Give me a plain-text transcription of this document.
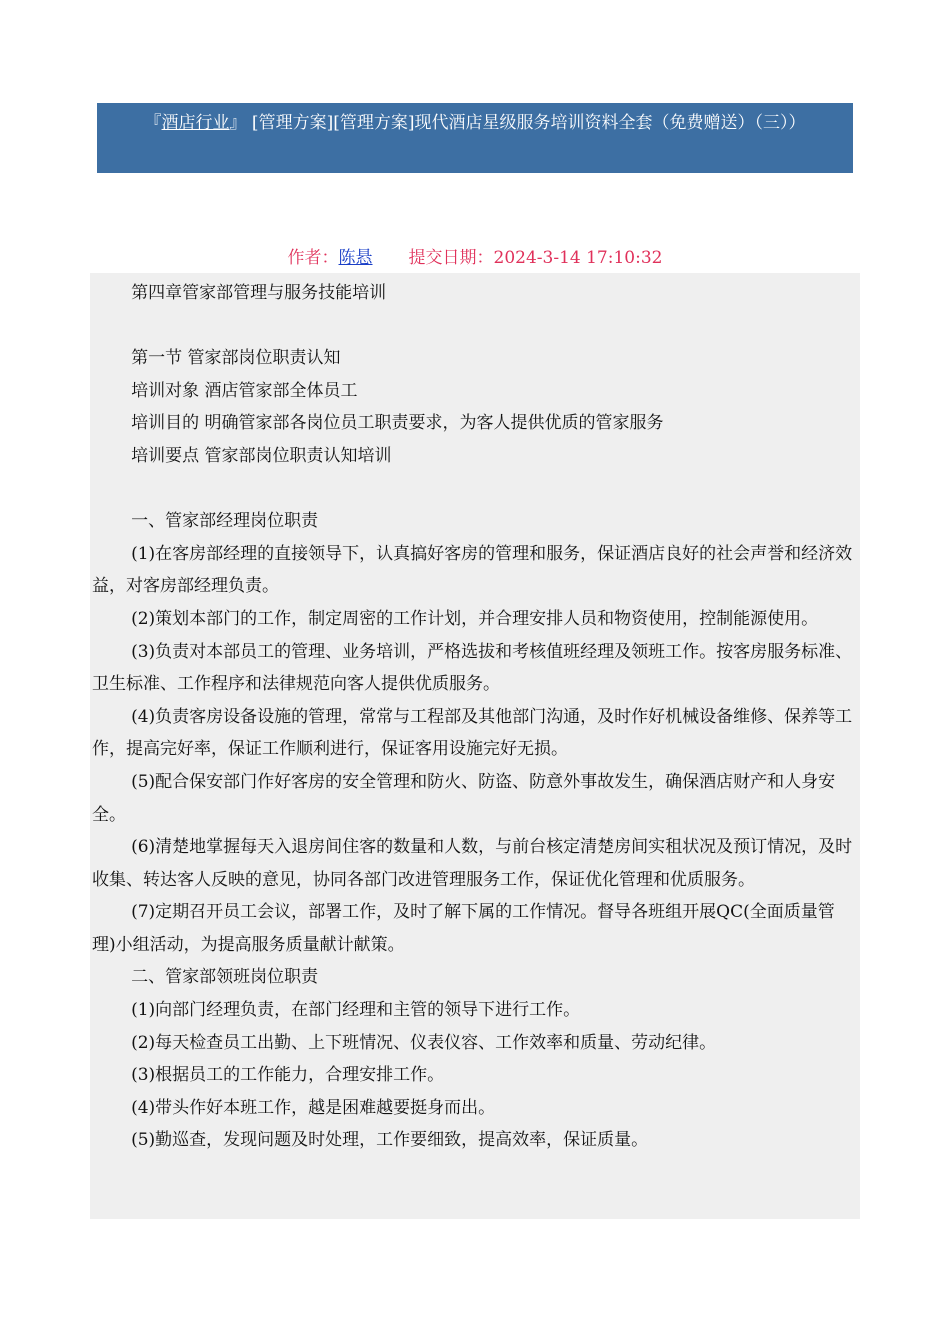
『酒店行业』 [管理方案][管理方案]现代酒店星级服务培训资料全套（免费赠送）（三））
作者：陈悬 提交日期：2024-3-14 17:10:32

第四章管家部管理与服务技能培训

第一节 管家部岗位职责认知

培训对象 酒店管家部全体员工

培训目的 明确管家部各岗位员工职责要求，为客人提供优质的管家服务

培训要点 管家部岗位职责认知培训

一、管家部经理岗位职责

(1)在客房部经理的直接领导下，认真搞好客房的管理和服务，保证酒店良好的社会声誉和经济效益，对客房部经理负责。

(2)策划本部门的工作，制定周密的工作计划，并合理安排人员和物资使用，控制能源使用。

(3)负责对本部员工的管理、业务培训，严格选拔和考核值班经理及领班工作。按客房服务标准、卫生标准、工作程序和法律规范向客人提供优质服务。

(4)负责客房设备设施的管理，常常与工程部及其他部门沟通，及时作好机械设备维修、保养等工作，提高完好率，保证工作顺利进行，保证客用设施完好无损。

(5)配合保安部门作好客房的安全管理和防火、防盗、防意外事故发生，确保酒店财产和人身安全。

(6)清楚地掌握每天入退房间住客的数量和人数，与前台核定清楚房间实租状况及预订情况，及时收集、转达客人反映的意见，协同各部门改进管理服务工作，保证优化管理和优质服务。

(7)定期召开员工会议，部署工作，及时了解下属的工作情况。督导各班组开展QC(全面质量管理)小组活动，为提高服务质量献计献策。

二、管家部领班岗位职责

(1)向部门经理负责，在部门经理和主管的领导下进行工作。

(2)每天检查员工出勤、上下班情况、仪表仪容、工作效率和质量、劳动纪律。

(3)根据员工的工作能力，合理安排工作。

(4)带头作好本班工作，越是困难越要挺身而出。

(5)勤巡查，发现问题及时处理，工作要细致，提高效率，保证质量。
